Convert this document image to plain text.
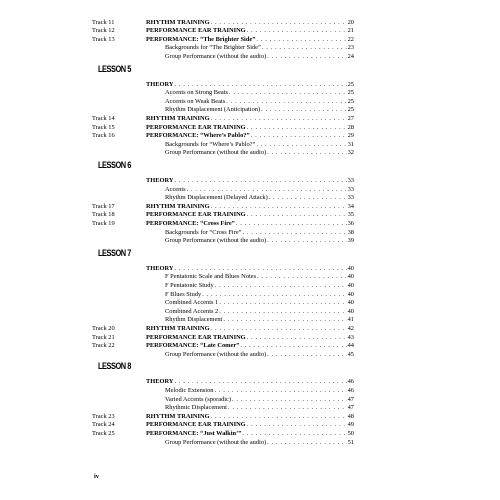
Track 11	RHYTHM TRAINING . . .	20
Track 12	PERFORMANCE EAR TRAINING . . .	21
Track 13	PERFORMANCE: “The Brighter Side” . . .	22
Backgrounds for “The Brighter Side” . . .	23
Group Performance (without the audio) . . .	24
LESSON 5
THEORY . . .	25
Accents on Strong Beats . . .	25
Accents on Weak Beats . . .	25
Rhythm Displacement (Anticipation) . . .	25
Track 14	RHYTHM TRAINING . . .	27
Track 15	PERFORMANCE EAR TRAINING . . .	28
Track 16	PERFORMANCE: “Where’s Pablo?” . . .	29
Backgrounds for “Where’s Pablo?” . . .	31
Group Performance (without the audio) . . .	32
LESSON 6
THEORY . . .	33
Accents . . .	33
Rhythm Displacement (Delayed Attack) . . .	33
Track 17	RHYTHM TRAINING . . .	34
Track 18	PERFORMANCE EAR TRAINING . . .	35
Track 19	PERFORMANCE: “Cross Fire” . . .	36
Backgrounds for “Cross Fire” . . .	38
Group Performance (without the audio) . . .	39
LESSON 7
THEORY . . .	40
F Pentatonic Scale and Blues Notes . . .	40
F Pentatonic Study . . .	40
F Blues Study . . .	40
Combined Accents 1 . . .	40
Combined Accents 2 . . .	40
Rhythm Displacement . . .	41
Track 20	RHYTHM TRAINING . . .	42
Track 21	PERFORMANCE EAR TRAINING . . .	43
Track 22	PERFORMANCE: “Late Comer” . . .	44
Group Performance (without the audio) . . .	45
LESSON 8
THEORY . . .	46
Melodic Extension . . .	46
Varied Accents (sporadic) . . .	47
Rhythmic Displacement . . .	47
Track 23	RHYTHM TRAINING . . .	48
Track 24	PERFORMANCE EAR TRAINING . . .	49
Track 25	PERFORMANCE: “Just Walkin’” . . .	50
Group Performance (without the audio) . . .	51
iv
